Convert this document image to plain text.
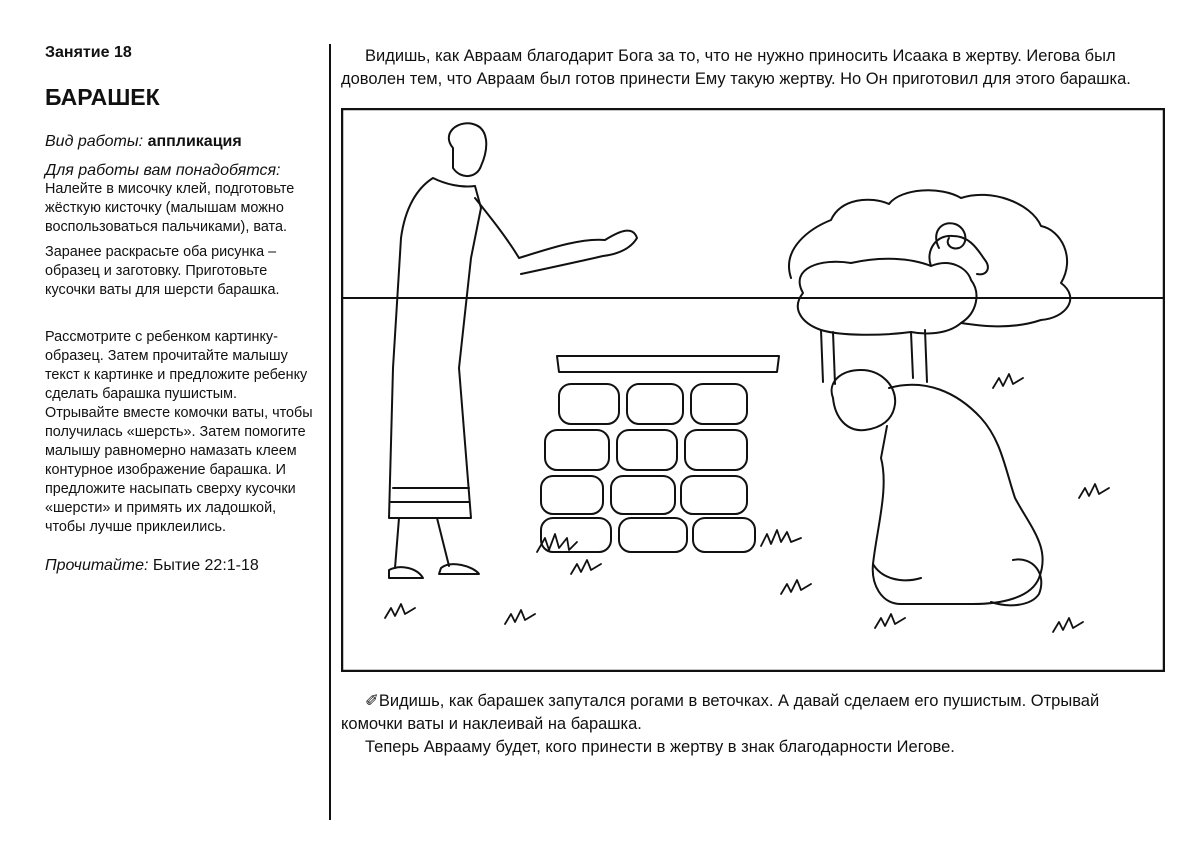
Занятие 18
БАРАШЕК
Вид работы: аппликация
Для работы вам понадобятся:

Налейте в мисочку клей, подготовьте жёсткую кисточку (малышам можно воспользоваться пальчиками), вата.

Заранее раскрасьте оба рисунка – образец и заготовку. Приготовьте кусочки ваты для шерсти барашка.

Рассмотрите с ребенком картинку-образец. Затем прочитайте малышу текст к картинке и предложите ребенку сделать барашка пушистым. Отрывайте вместе комочки ваты, чтобы получилась «шерсть». Затем помогите малышу равномерно намазать клеем контурное изображение барашка. И предложите насыпать сверху кусочки «шерсти» и примять их ладошкой, чтобы лучше приклеились.

Прочитайте: Бытие 22:1-18

Видишь, как Авраам благодарит Бога за то, что не нужно приносить Исаака в жертву. Иегова был доволен тем, что Авраам был готов принести Ему такую жертву. Но Он приготовил для этого барашка.

✐Видишь, как барашек запутался рогами в веточках. А давай сделаем его пушистым. Отрывай комочки ваты и наклеивай на барашка.

Теперь Аврааму будет, кого принести в жертву в знак благодарности Иегове.
